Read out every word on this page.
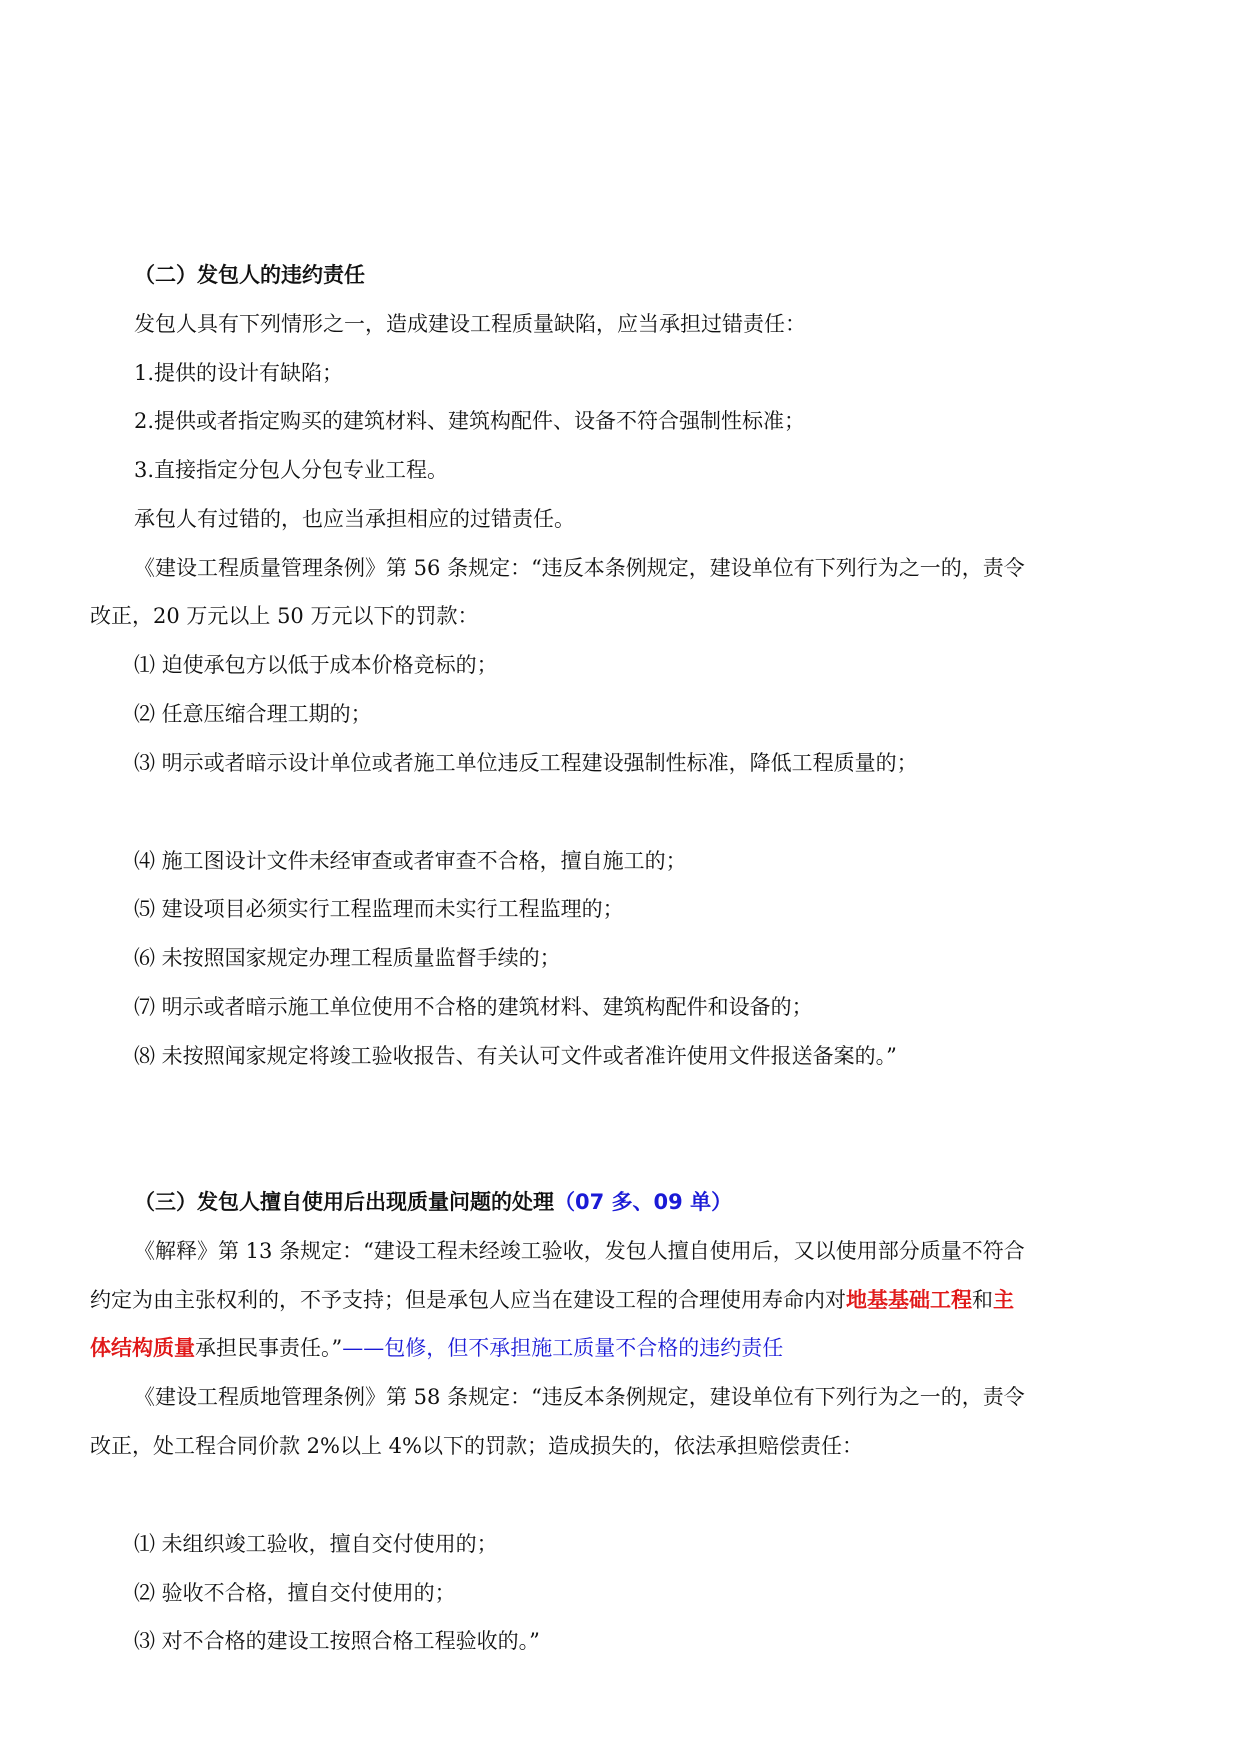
（二）发包人的违约责任
发包人具有下列情形之一，造成建设工程质量缺陷，应当承担过错责任：
1.提供的设计有缺陷；
2.提供或者指定购买的建筑材料、建筑构配件、设备不符合强制性标准；
3.直接指定分包人分包专业工程。
承包人有过错的，也应当承担相应的过错责任。
《建设工程质量管理条例》第 56 条规定：“违反本条例规定，建设单位有下列行为之一的，责令
改正，20 万元以上 50 万元以下的罚款：
⑴ 迫使承包方以低于成本价格竞标的；
⑵ 任意压缩合理工期的；
⑶ 明示或者暗示设计单位或者施工单位违反工程建设强制性标准，降低工程质量的；
⑷ 施工图设计文件未经审查或者审查不合格，擅自施工的；
⑸ 建设项目必须实行工程监理而未实行工程监理的；
⑹ 未按照国家规定办理工程质量监督手续的；
⑺ 明示或者暗示施工单位使用不合格的建筑材料、建筑构配件和设备的；
⑻ 未按照闻家规定将竣工验收报告、有关认可文件或者准许使用文件报送备案的。”
（三）发包人擅自使用后出现质量问题的处理（07 多、09 单）
《解释》第 13 条规定：“建设工程未经竣工验收，发包人擅自使用后，又以使用部分质量不符合
约定为由主张权利的，不予支持；但是承包人应当在建设工程的合理使用寿命内对地基基础工程和主
体结构质量承担民事责任。”——包修，但不承担施工质量不合格的违约责任
《建设工程质地管理条例》第 58 条规定：“违反本条例规定，建设单位有下列行为之一的，责令
改正，处工程合同价款 2%以上 4%以下的罚款；造成损失的，依法承担赔偿责任：
⑴ 未组织竣工验收，擅自交付使用的；
⑵ 验收不合格，擅自交付使用的；
⑶ 对不合格的建设工按照合格工程验收的。”
